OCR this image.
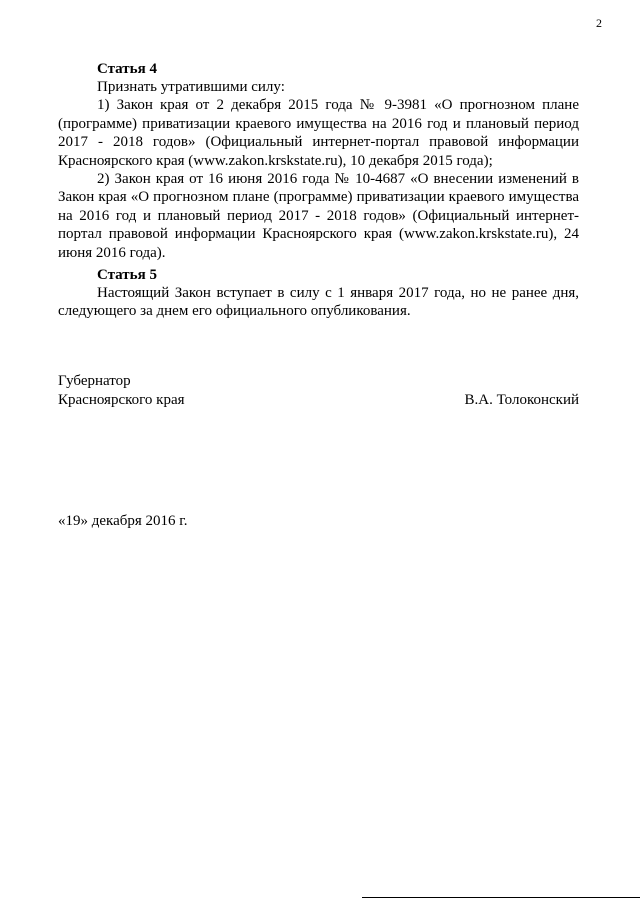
2
Статья 4

Признать утратившими силу:

1) Закон края от 2 декабря 2015 года № 9-3981 «О прогнозном плане (программе) приватизации краевого имущества на 2016 год и плановый период 2017 - 2018 годов» (Официальный интернет-портал правовой информации Красноярского края (www.zakon.krskstate.ru), 10 декабря 2015 года);

2) Закон края от 16 июня 2016 года № 10-4687 «О внесении изменений в Закон края «О прогнозном плане (программе) приватизации краевого имущества на 2016 год и плановый период 2017 - 2018 годов» (Официальный интернет-портал правовой информации Красноярского края (www.zakon.krskstate.ru), 24 июня 2016 года).

Статья 5

Настоящий Закон вступает в силу с 1 января 2017 года, но не ранее дня, следующего за днем его официального опубликования.

Губернатор
Красноярского края	В.А. Толоконский
«19» декабря 2016 г.
